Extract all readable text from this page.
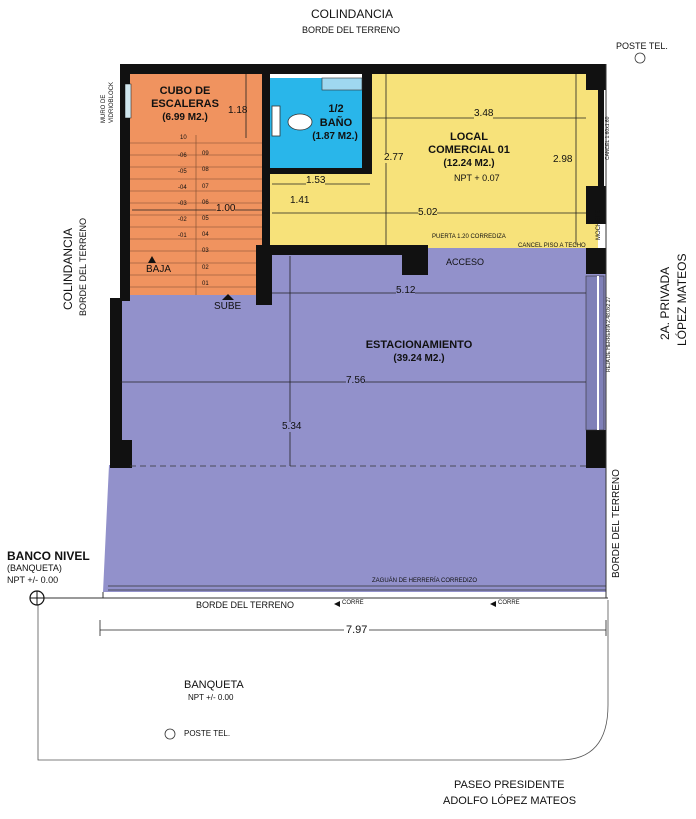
COLINDANCIA
BORDE DEL TERRENO
POSTE TEL.
COLINDANCIA BORDE DEL TERRENO
MURO DE VIDRIOBLOCK
2A. PRIVADA LÓPEZ MATEOS
BORDE DEL TERRENO
CUBO DE
ESCALERAS
(6.99 M2.)
1.18
1.00
BAJA
SUBE
10
09
08
07
06
05
04
03
02
01
-06
-05
-04
-03
-02
-01
1/2
BAÑO
(1.87 M2.)	LOCAL
COMERCIAL 01
(12.24 M2.)
NPT + 0.07
3.48
2.77	2.98
1.53
1.41
5.02
PUERTA 1.20 CORREDIZA
CANCEL PISO A TECHO
ACCESO
CANCEL 1.60x1.60
MOCHETE
ESTACIONAMIENTO
(39.24 M2.)
5.12
7.56
5.34
REJA DE HERRERÍA 2.48.0x2.27
ZAGUÁN DE HERRERÍA CORREDIZO
BANCO NIVEL
(BANQUETA)
NPT +/- 0.00
BORDE DEL TERRENO	CORRE	CORRE
7.97
BANQUETA
NPT +/- 0.00
POSTE TEL.
PASEO PRESIDENTE
ADOLFO LÓPEZ MATEOS
